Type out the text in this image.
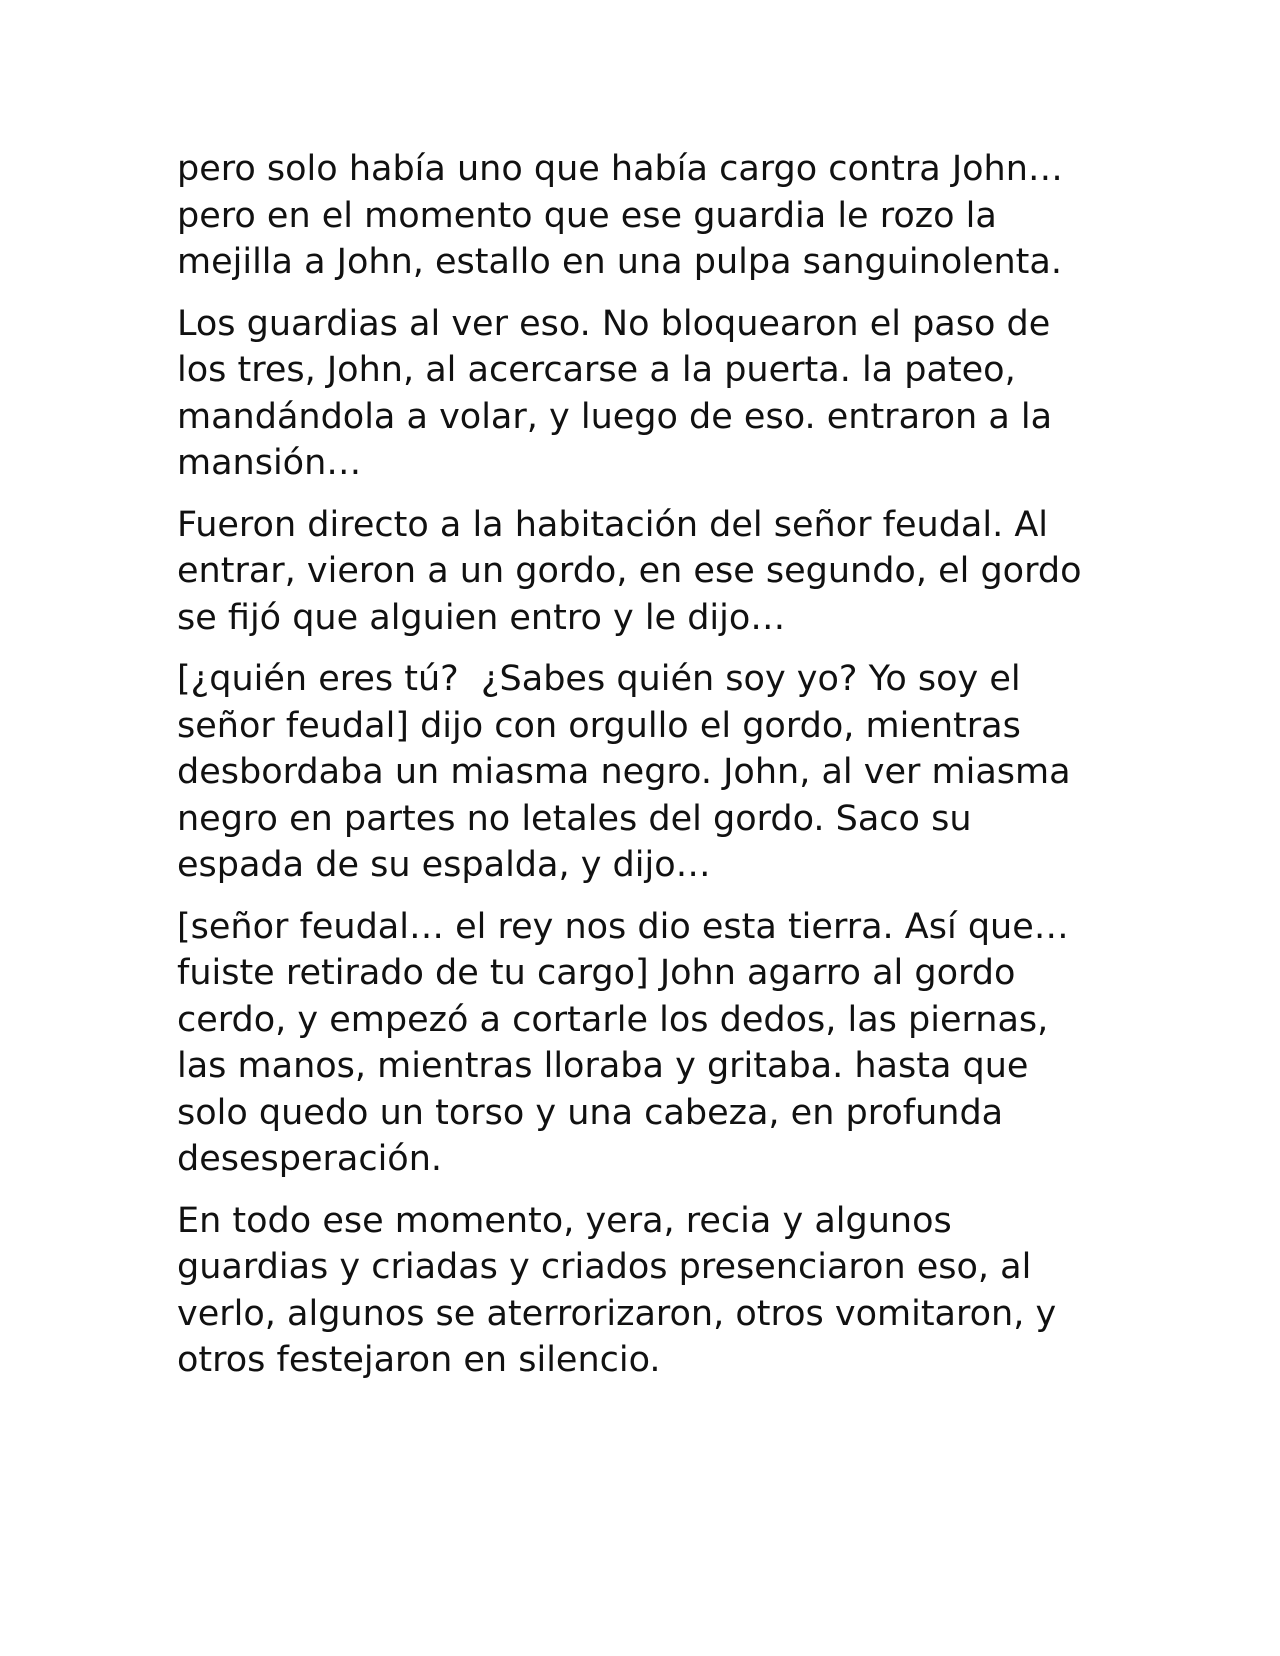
pero solo había uno que había cargo contra John… pero en el momento que ese guardia le rozo la mejilla a John, estallo en una pulpa sanguinolenta.

Los guardias al ver eso. No bloquearon el paso de los tres, John, al acercarse a la puerta. la pateo, mandándola a volar, y luego de eso. entraron a la mansión…

Fueron directo a la habitación del señor feudal. Al entrar, vieron a un gordo, en ese segundo, el gordo se fijó que alguien entro y le dijo…

[¿quién eres tú?  ¿Sabes quién soy yo? Yo soy el señor feudal] dijo con orgullo el gordo, mientras desbordaba un miasma negro. John, al ver miasma negro en partes no letales del gordo. Saco su espada de su espalda, y dijo…

[señor feudal… el rey nos dio esta tierra. Así que… fuiste retirado de tu cargo] John agarro al gordo cerdo, y empezó a cortarle los dedos, las piernas, las manos, mientras lloraba y gritaba. hasta que solo quedo un torso y una cabeza, en profunda desesperación.

En todo ese momento, yera, recia y algunos guardias y criadas y criados presenciaron eso, al verlo, algunos se aterrorizaron, otros vomitaron, y otros festejaron en silencio.
